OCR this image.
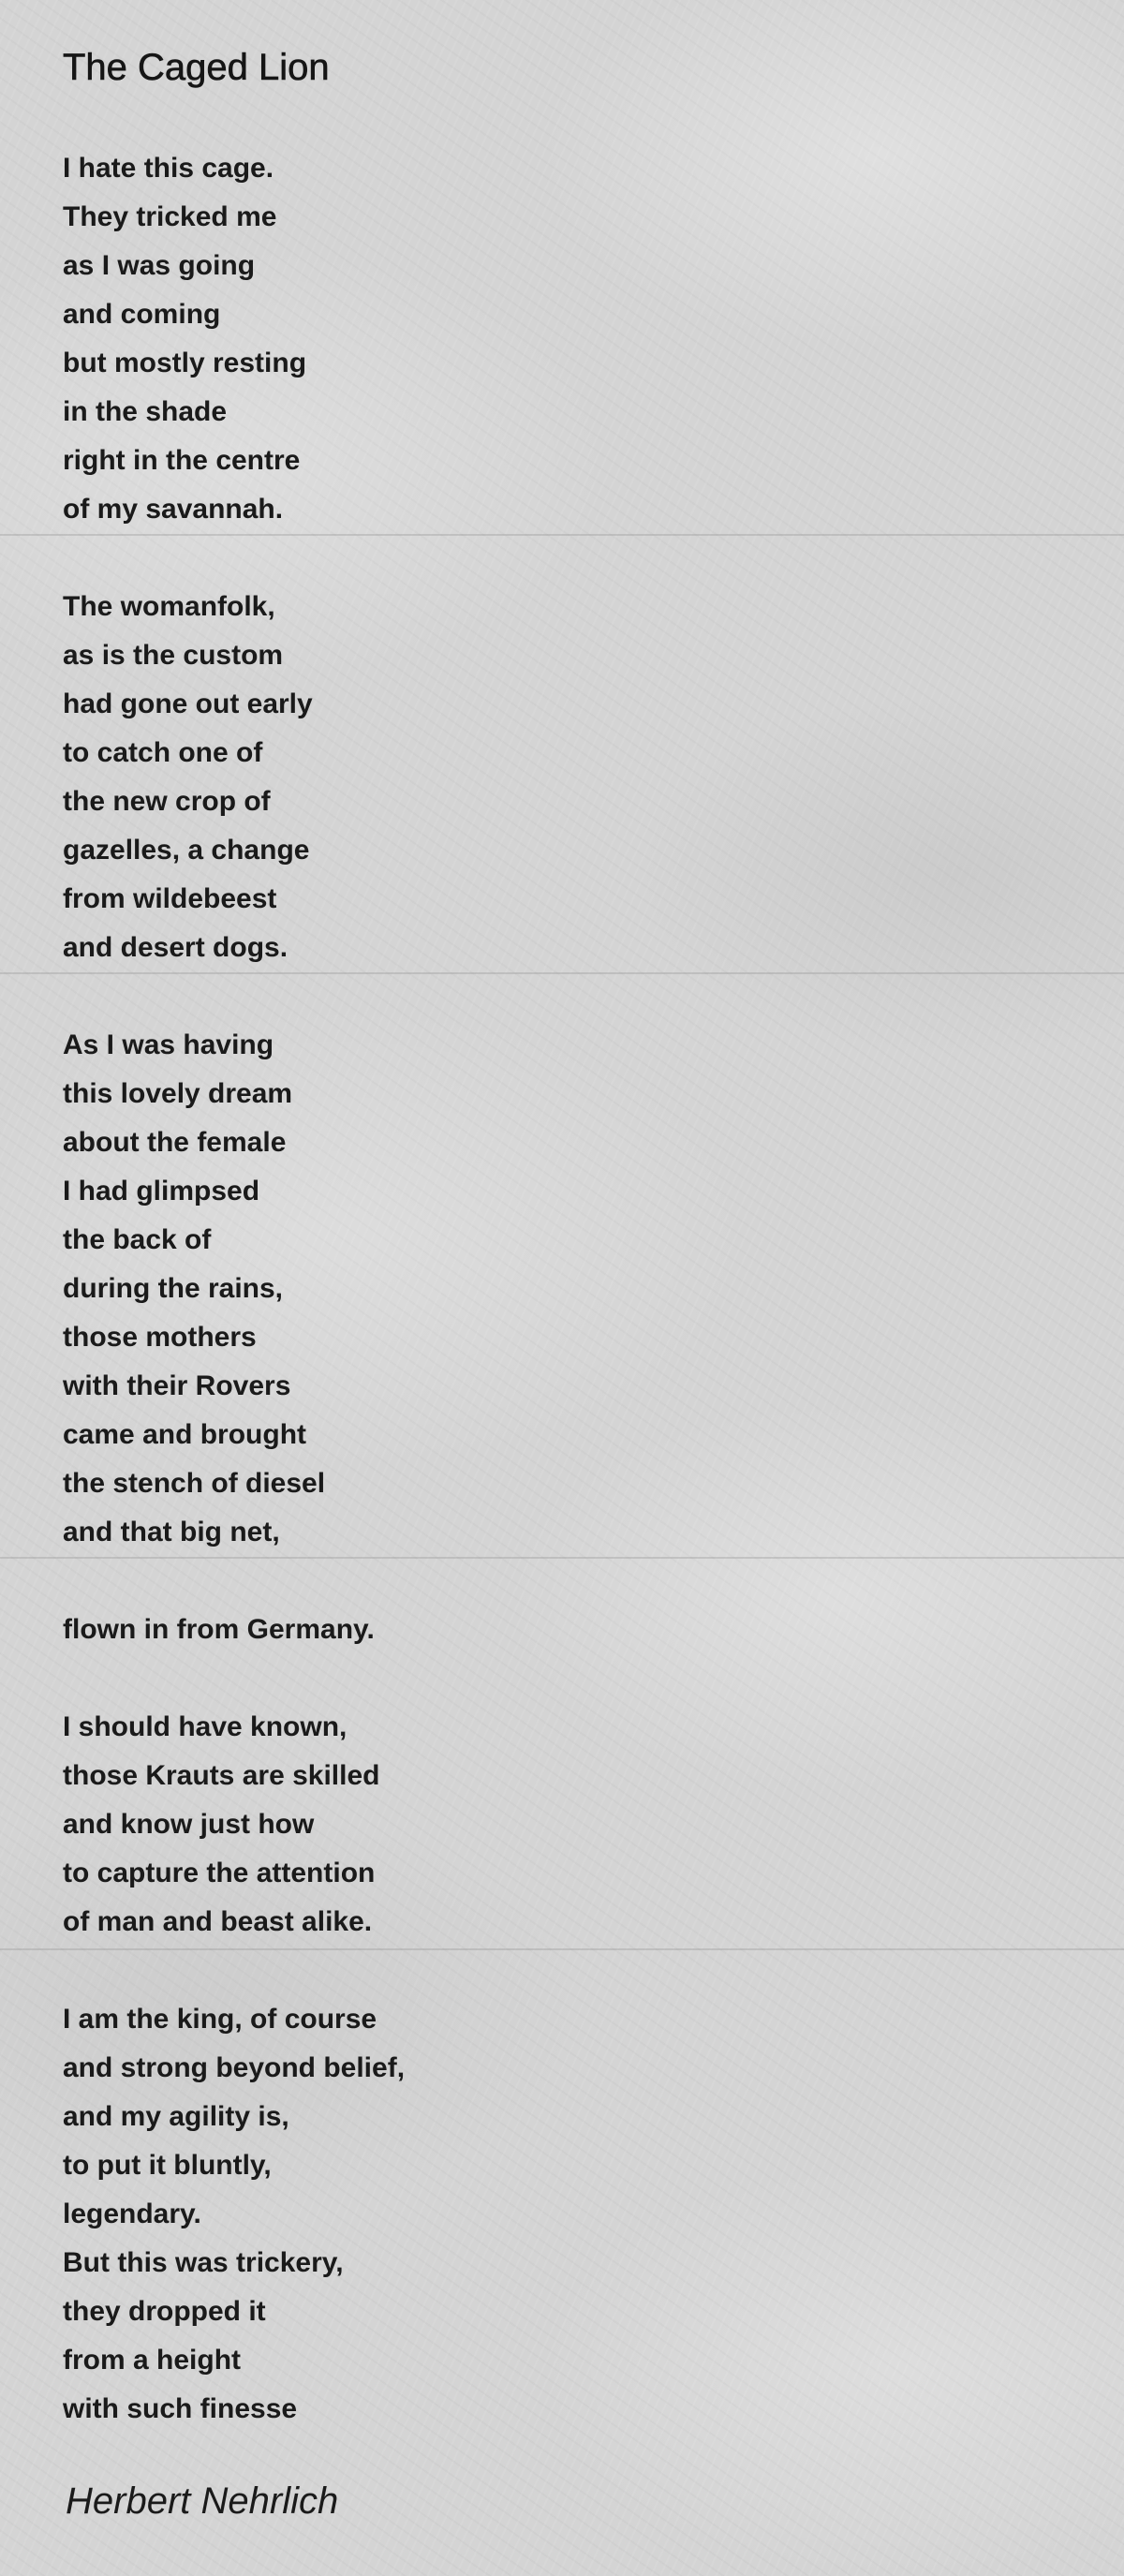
The Caged Lion
I hate this cage.
They tricked me
as I was going
and coming
but mostly resting
in the shade
right in the centre
of my savannah.
The womanfolk,
as is the custom
had gone out early
to catch one of
the new crop of
gazelles, a change
from wildebeest
and desert dogs.
As I was having
this lovely dream
about the female
I had glimpsed
the back of
during the rains,
those mothers
with their Rovers
came and brought
the stench of diesel
and that big net,
flown in from Germany.
I should have known,
those Krauts are skilled
and know just how
to capture the attention
of man and beast alike.
I am the king, of course
and strong beyond belief,
and my agility is,
to put it bluntly,
legendary.
But this was trickery,
they dropped it
from a height
with such finesse

Herbert Nehrlich
